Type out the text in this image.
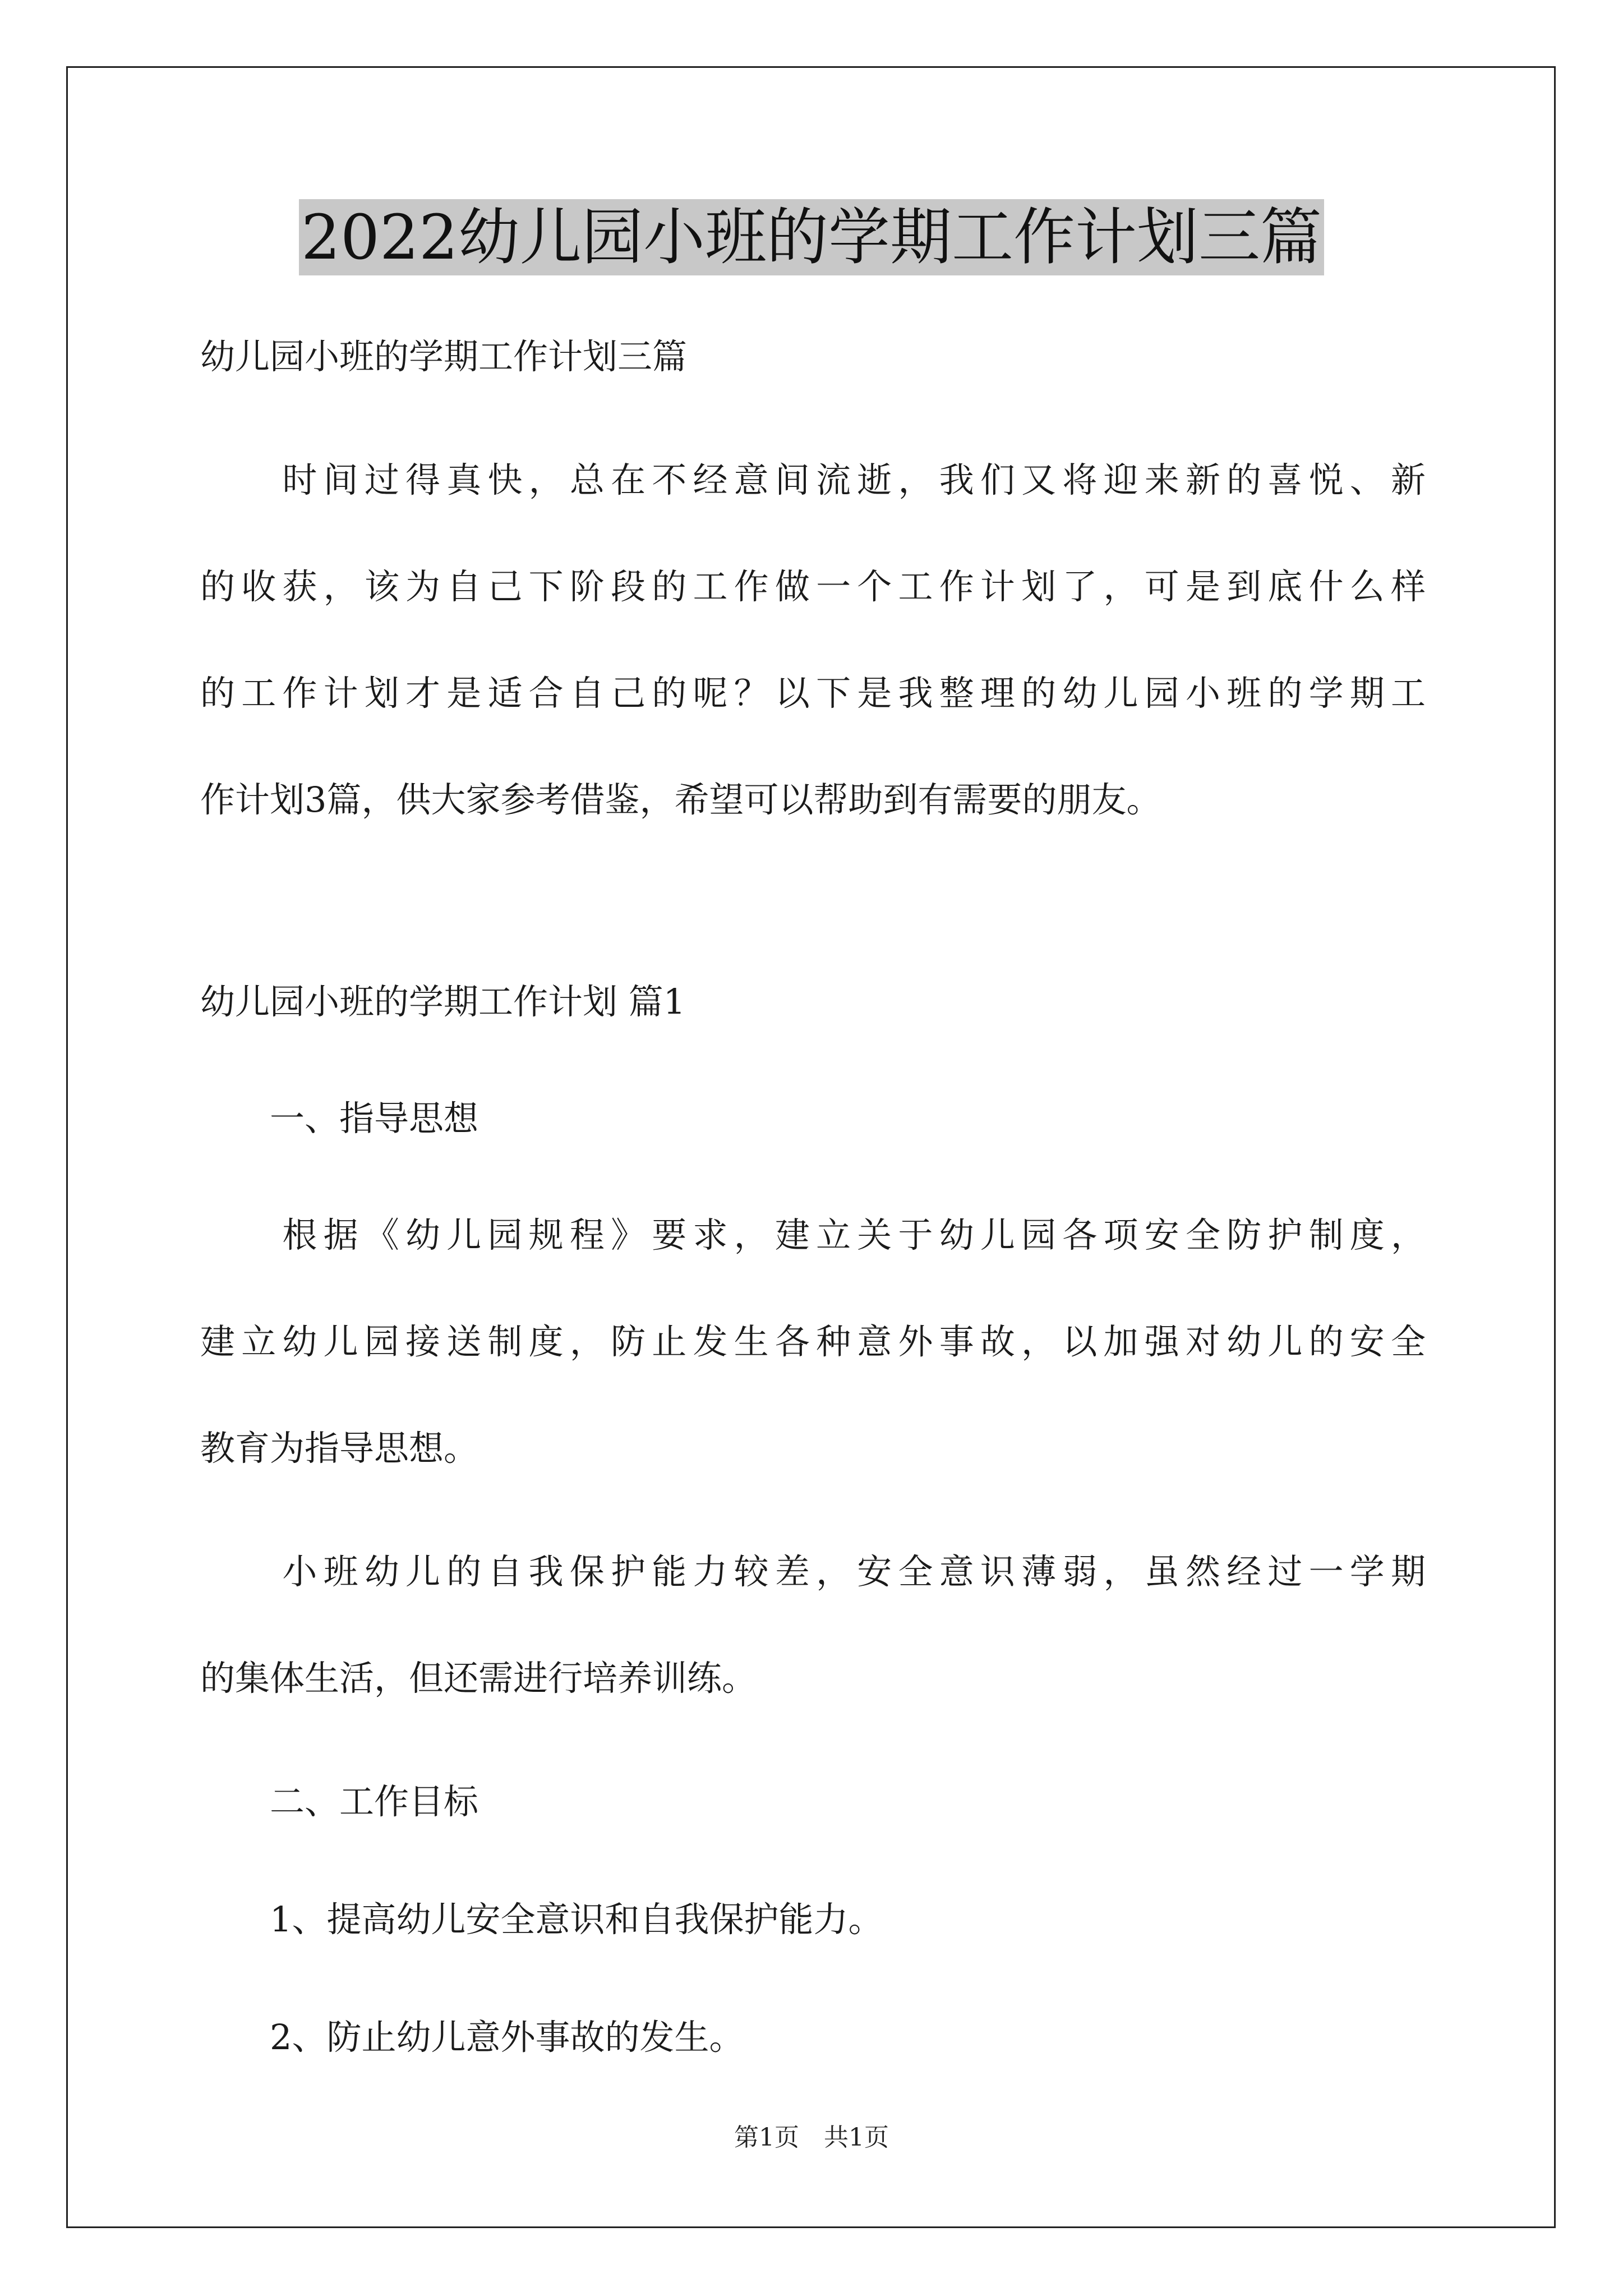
2022幼儿园小班的学期工作计划三篇

幼儿园小班的学期工作计划三篇

　　时间过得真快，总在不经意间流逝，我们又将迎来新的喜悦、新
的收获，该为自己下阶段的工作做一个工作计划了，可是到底什么样
的工作计划才是适合自己的呢？以下是我整理的幼儿园小班的学期工
作计划3篇，供大家参考借鉴，希望可以帮助到有需要的朋友。

幼儿园小班的学期工作计划 篇1

　　一、指导思想

　　根据《幼儿园规程》要求，建立关于幼儿园各项安全防护制度，
建立幼儿园接送制度，防止发生各种意外事故，以加强对幼儿的安全
教育为指导思想。
　　小班幼儿的自我保护能力较差，安全意识薄弱，虽然经过一学期
的集体生活，但还需进行培养训练。

　　二、工作目标

　　1、提高幼儿安全意识和自我保护能力。

　　2、防止幼儿意外事故的发生。

第1页　共1页
